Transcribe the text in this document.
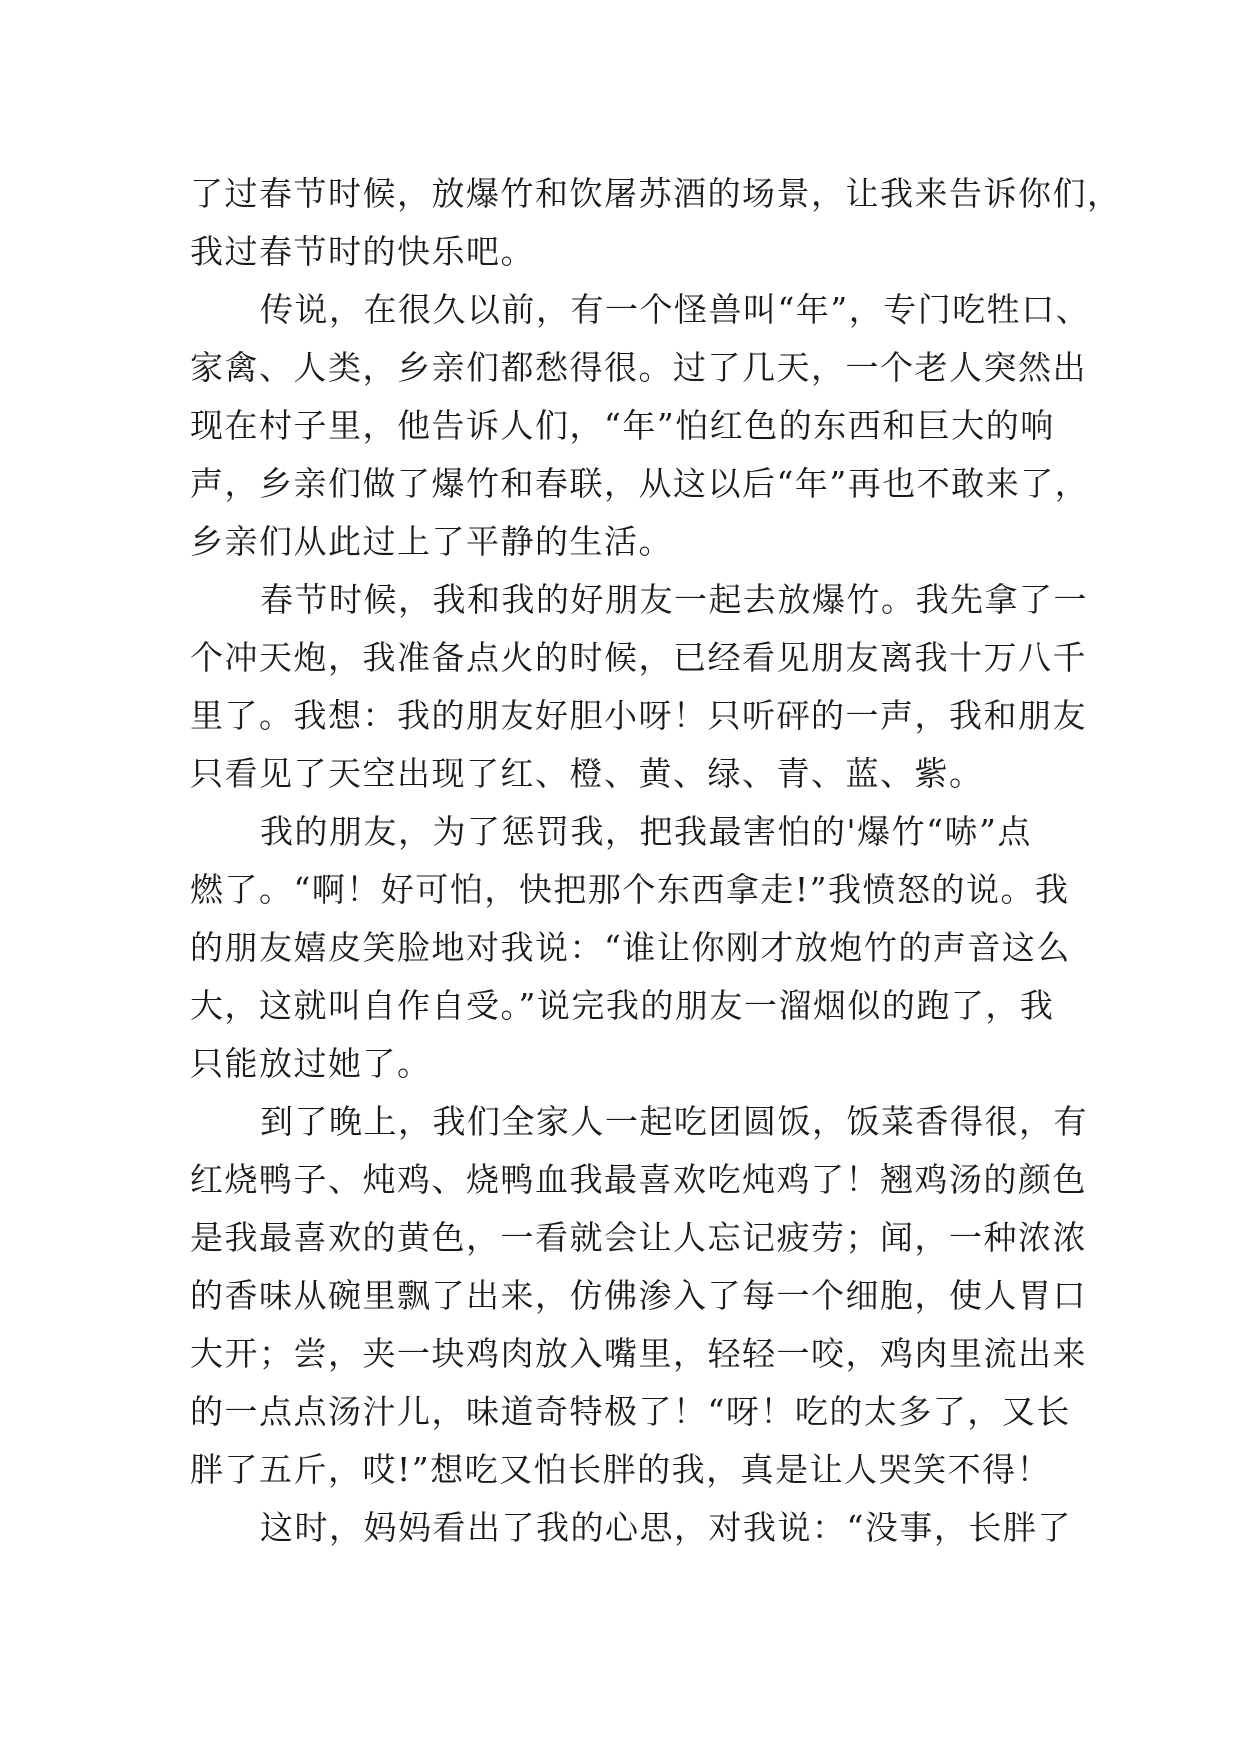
了过春节时候，放爆竹和饮屠苏酒的场景，让我来告诉你们，
我过春节时的快乐吧。
传说，在很久以前，有一个怪兽叫“年”，专门吃牲口、
家禽、人类，乡亲们都愁得很。过了几天，一个老人突然出
现在村子里，他告诉人们，“年”怕红色的东西和巨大的响
声，乡亲们做了爆竹和春联，从这以后“年”再也不敢来了，
乡亲们从此过上了平静的生活。
春节时候，我和我的好朋友一起去放爆竹。我先拿了一
个冲天炮，我准备点火的时候，已经看见朋友离我十万八千
里了。我想：我的朋友好胆小呀！只听砰的一声，我和朋友
只看见了天空出现了红、橙、黄、绿、青、蓝、紫。
我的朋友，为了惩罚我，把我最害怕的'爆竹“哧”点
燃了。“啊！好可怕，快把那个东西拿走!”我愤怒的说。我
的朋友嬉皮笑脸地对我说：“谁让你刚才放炮竹的声音这么
大，这就叫自作自受。”说完我的朋友一溜烟似的跑了，我
只能放过她了。
到了晚上，我们全家人一起吃团圆饭，饭菜香得很，有
红烧鸭子、炖鸡、烧鸭血我最喜欢吃炖鸡了！翘鸡汤的颜色
是我最喜欢的黄色，一看就会让人忘记疲劳；闻，一种浓浓
的香味从碗里飘了出来，仿佛渗入了每一个细胞，使人胃口
大开；尝，夹一块鸡肉放入嘴里，轻轻一咬，鸡肉里流出来
的一点点汤汁儿，味道奇特极了！“呀！吃的太多了，又长
胖了五斤，哎!”想吃又怕长胖的我，真是让人哭笑不得！
这时，妈妈看出了我的心思，对我说：“没事，长胖了
